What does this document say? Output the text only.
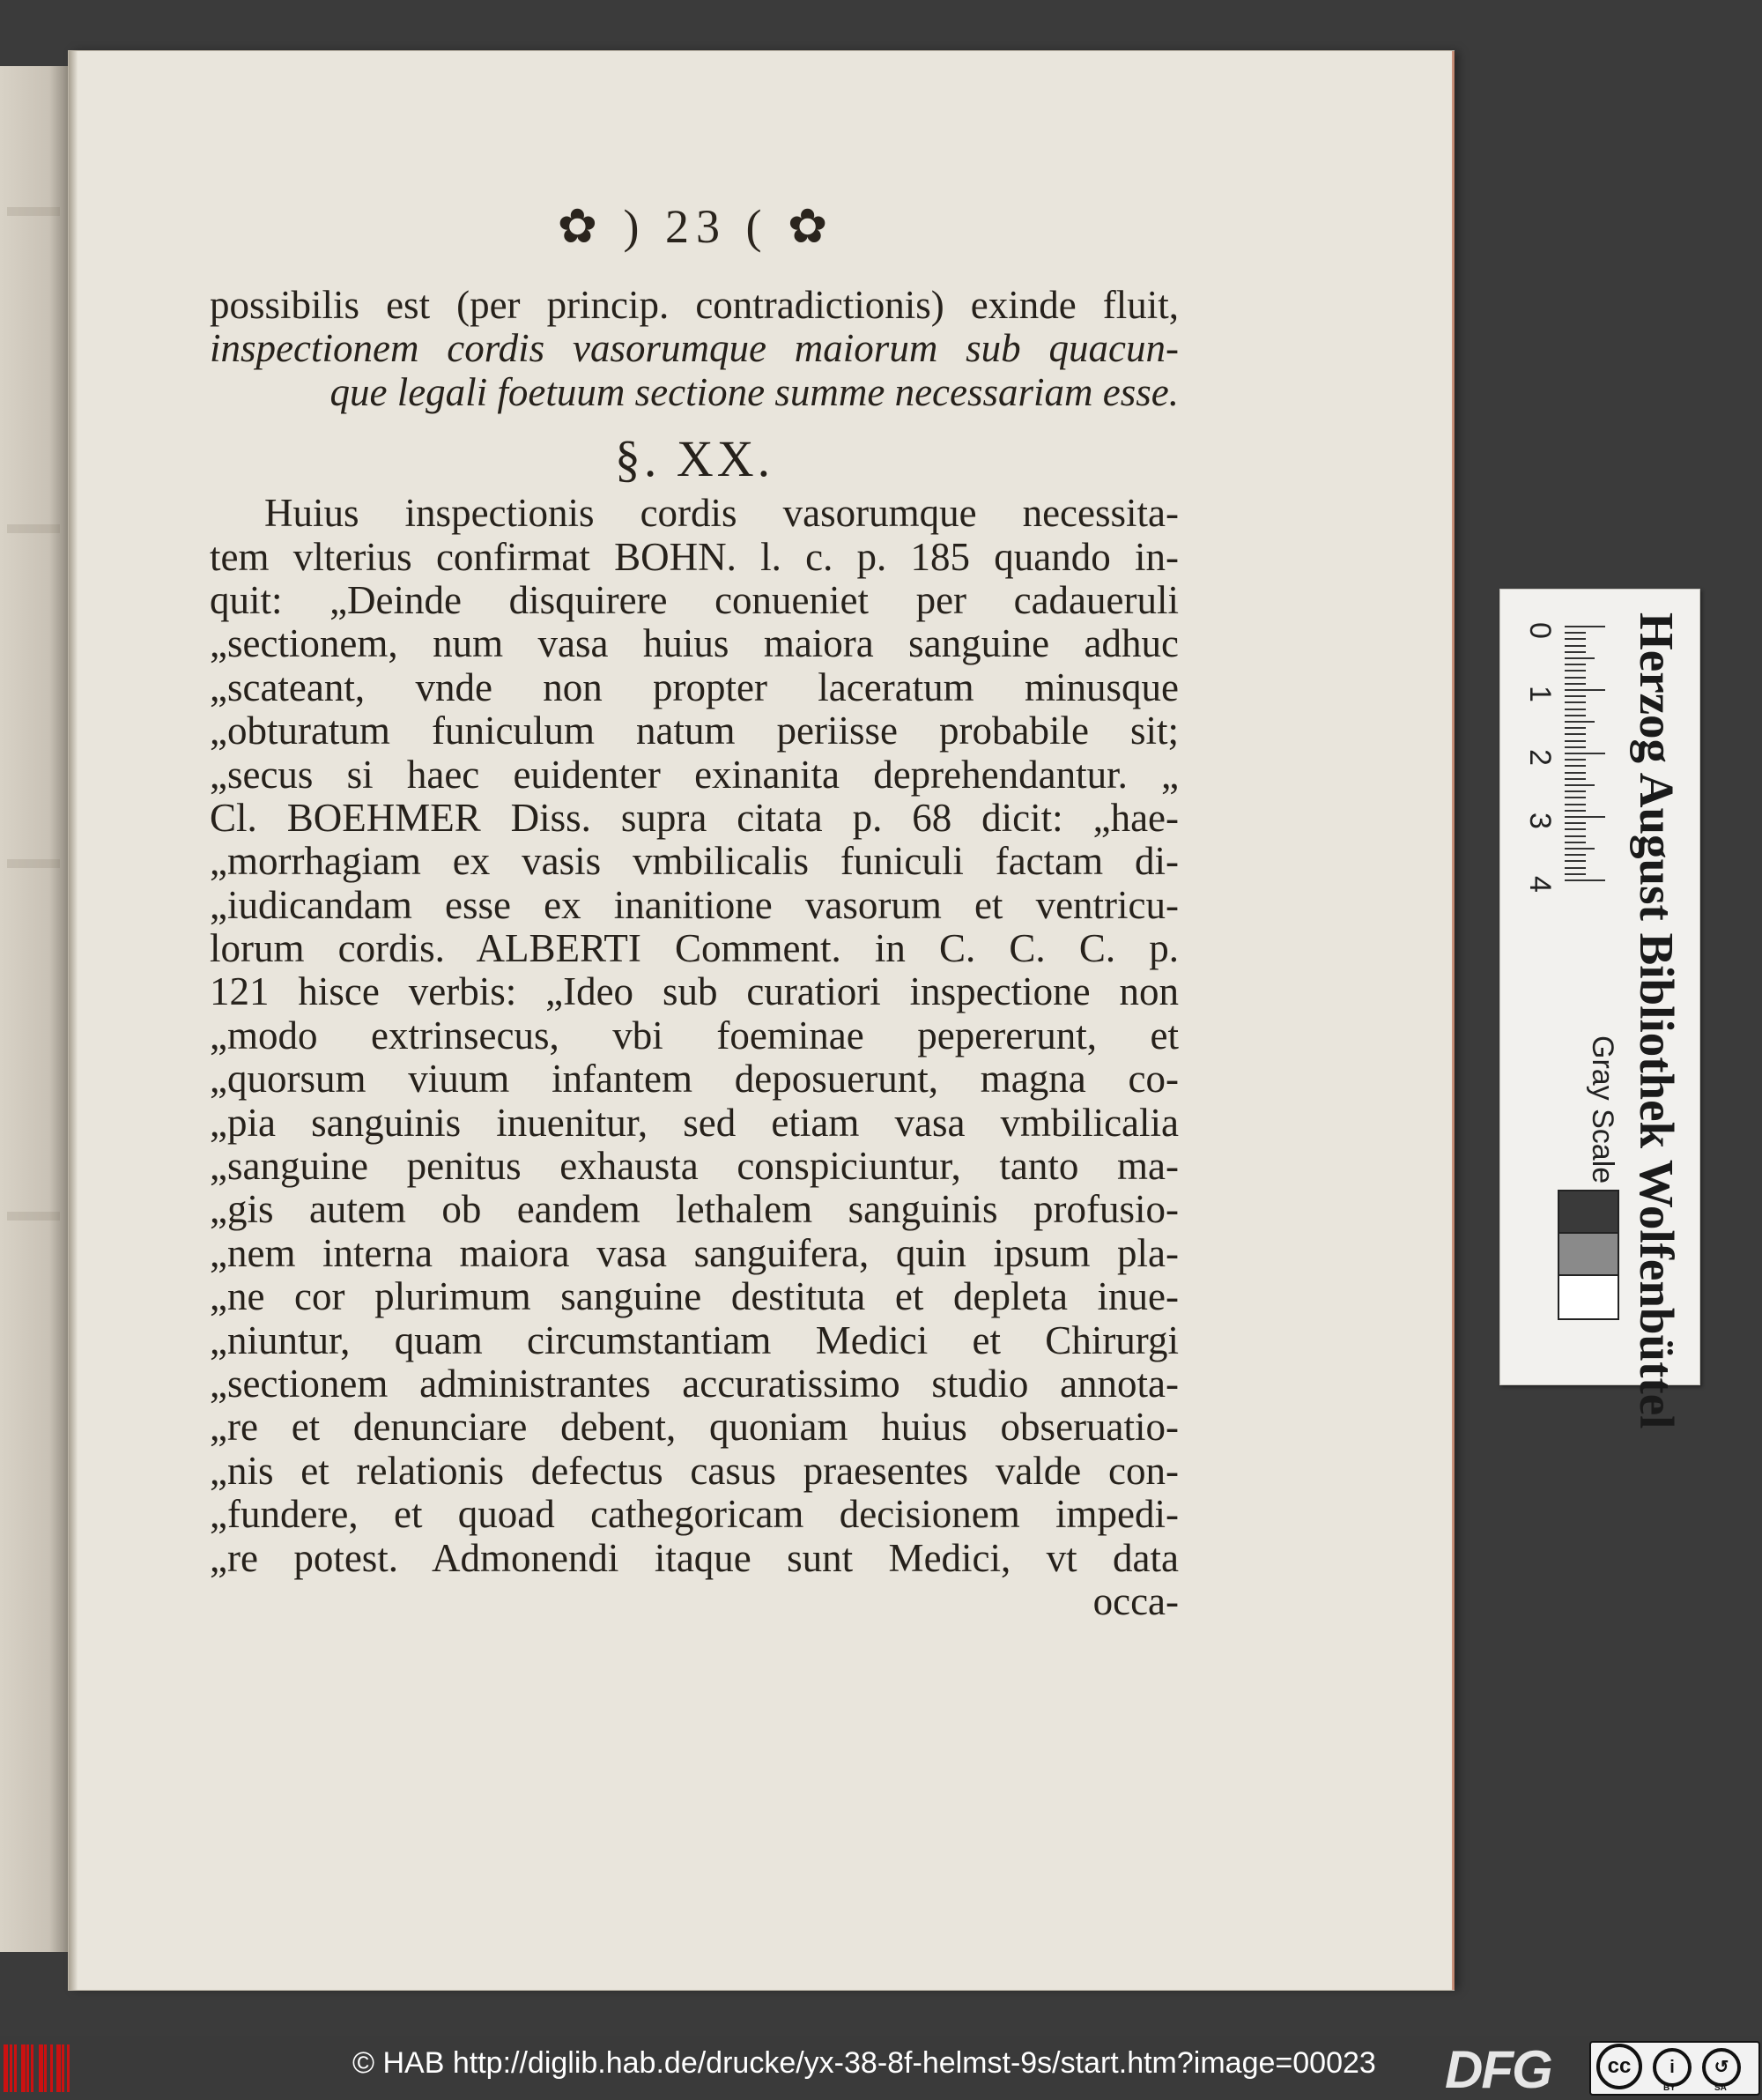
✿ ) 23 ( ✿
possibilis est (per princip. contradictionis) exinde fluit,
inspectionem cordis vasorumque maiorum sub quacun-
que legali foetuum sectione summe necessariam esse.
§. XX.
Huius inspectionis cordis vasorumque necessita-
tem vlterius confirmat BOHN. l. c. p. 185 quando in-
quit: „Deinde disquirere conueniet per cadaueruli
„sectionem, num vasa huius maiora sanguine adhuc
„scateant, vnde non propter laceratum minusque
„obturatum funiculum natum periisse probabile sit;
„secus si haec euidenter exinanita deprehendantur. „
Cl. BOEHMER Diss. supra citata p. 68 dicit: „hae-
„morrhagiam ex vasis vmbilicalis funiculi factam di-
„iudicandam esse ex inanitione vasorum et ventricu-
lorum cordis. ALBERTI Comment. in C. C. C. p.
121 hisce verbis: „Ideo sub curatiori inspectione non
„modo extrinsecus, vbi foeminae pepererunt, et
„quorsum viuum infantem deposuerunt, magna co-
„pia sanguinis inuenitur, sed etiam vasa vmbilicalia
„sanguine penitus exhausta conspiciuntur, tanto ma-
„gis autem ob eandem lethalem sanguinis profusio-
„nem interna maiora vasa sanguifera, quin ipsum pla-
„ne cor plurimum sanguine destituta et depleta inue-
„niuntur, quam circumstantiam Medici et Chirurgi
„sectionem administrantes accuratissimo studio annota-
„re et denunciare debent, quoniam huius obseruatio-
„nis et relationis defectus casus praesentes valde con-
„fundere, et quoad cathegoricam decisionem impedi-
„re potest. Admonendi itaque sunt Medici, vt data
occa-
Herzog August Bibliothek Wolfenbüttel
0
1
2
3
4
Gray Scale
© HAB http://diglib.hab.de/drucke/yx-38-8f-helmst-9s/start.htm?image=00023 DFG	cc	i	↺
BY	SA
